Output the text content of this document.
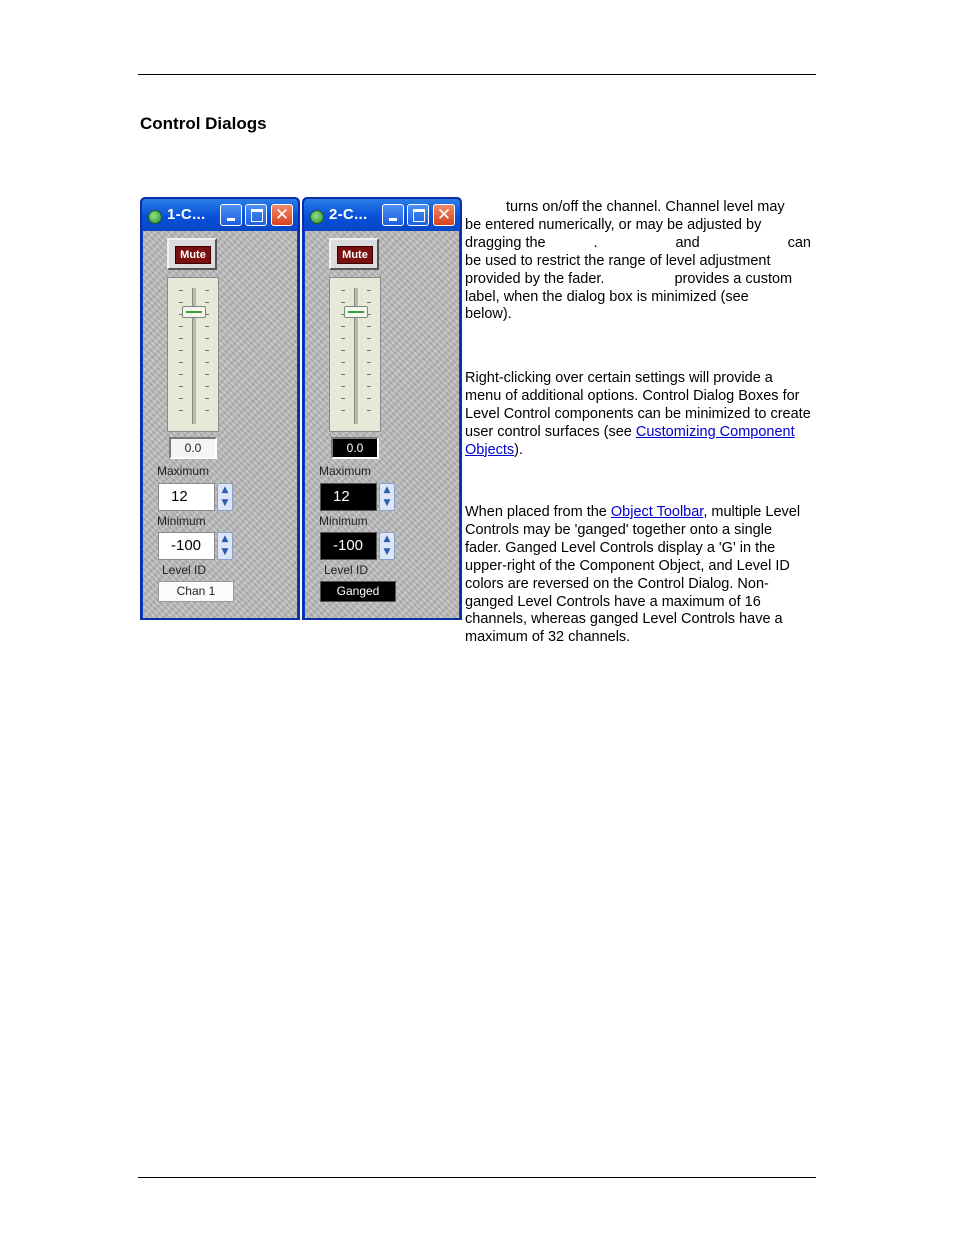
Control Dialogs
1-C...	✕
Mute
0.0
Maximum
12	▲
▼
Minimum
-100	▲
▼
Level ID
Chan 1
2-C...	✕
Mute
0.0
Maximum
12	▲
▼
Minimum
-100	▲
▼
Level ID
Ganged

turns on/off the channel. Channel level may

be entered numerically, or may be adjusted by

dragging the	.	and	can

be used to restrict the range of level adjustment

provided by the fader.	provides a custom

label, when the dialog box is minimized (see

below).

Right-clicking over certain settings will provide a menu of additional options. Control Dialog Boxes for Level Control components can be minimized to create user control surfaces (see Customizing Component Objects).

When placed from the Object Toolbar, multiple Level Controls may be 'ganged' together onto a single fader. Ganged Level Controls display a 'G' in the upper-right of the Component Object, and Level ID colors are reversed on the Control Dialog. Non-ganged Level Controls have a maximum of 16 channels, whereas ganged Level Controls have a maximum of 32 channels.
